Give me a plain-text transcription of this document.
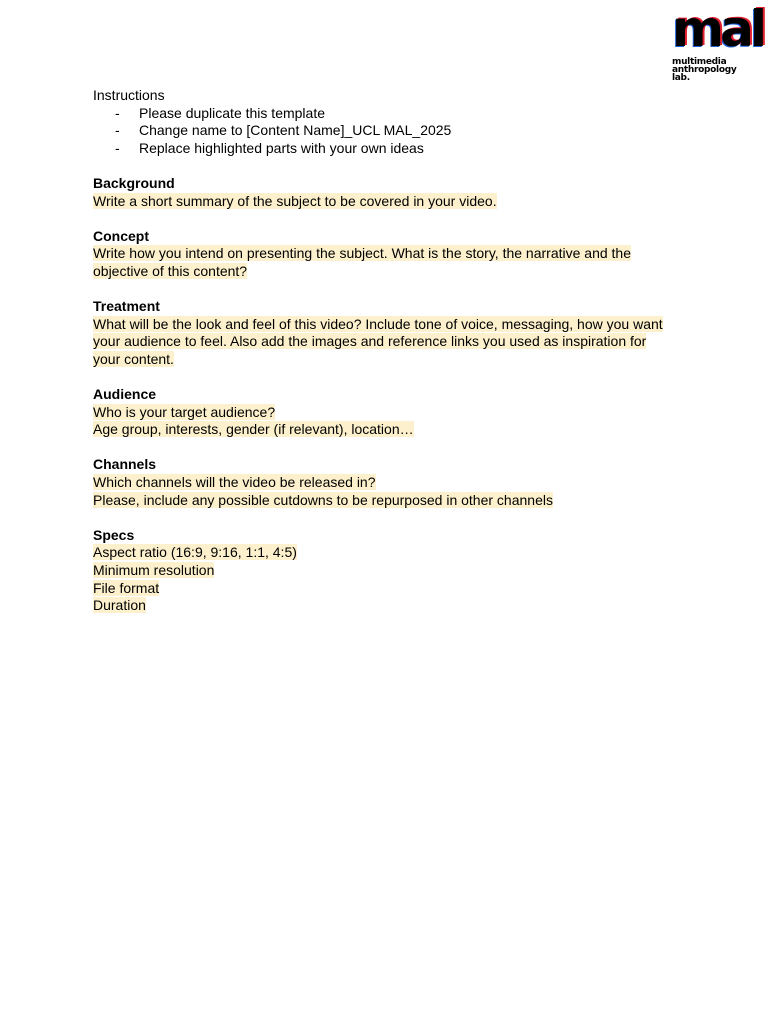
mal
multimedia
anthropology
lab.
Instructions
- Please duplicate this template
- Change name to [Content Name]_UCL MAL_2025
- Replace highlighted parts with your own ideas
Background
Write a short summary of the subject to be covered in your video.
Concept
Write how you intend on presenting the subject. What is the story, the narrative and the
objective of this content?
Treatment
What will be the look and feel of this video? Include tone of voice, messaging, how you want
your audience to feel. Also add the images and reference links you used as inspiration for
your content.
Audience
Who is your target audience?
Age group, interests, gender (if relevant), location…
Channels
Which channels will the video be released in?
Please, include any possible cutdowns to be repurposed in other channels
Specs
Aspect ratio (16:9, 9:16, 1:1, 4:5)
Minimum resolution
File format
Duration
